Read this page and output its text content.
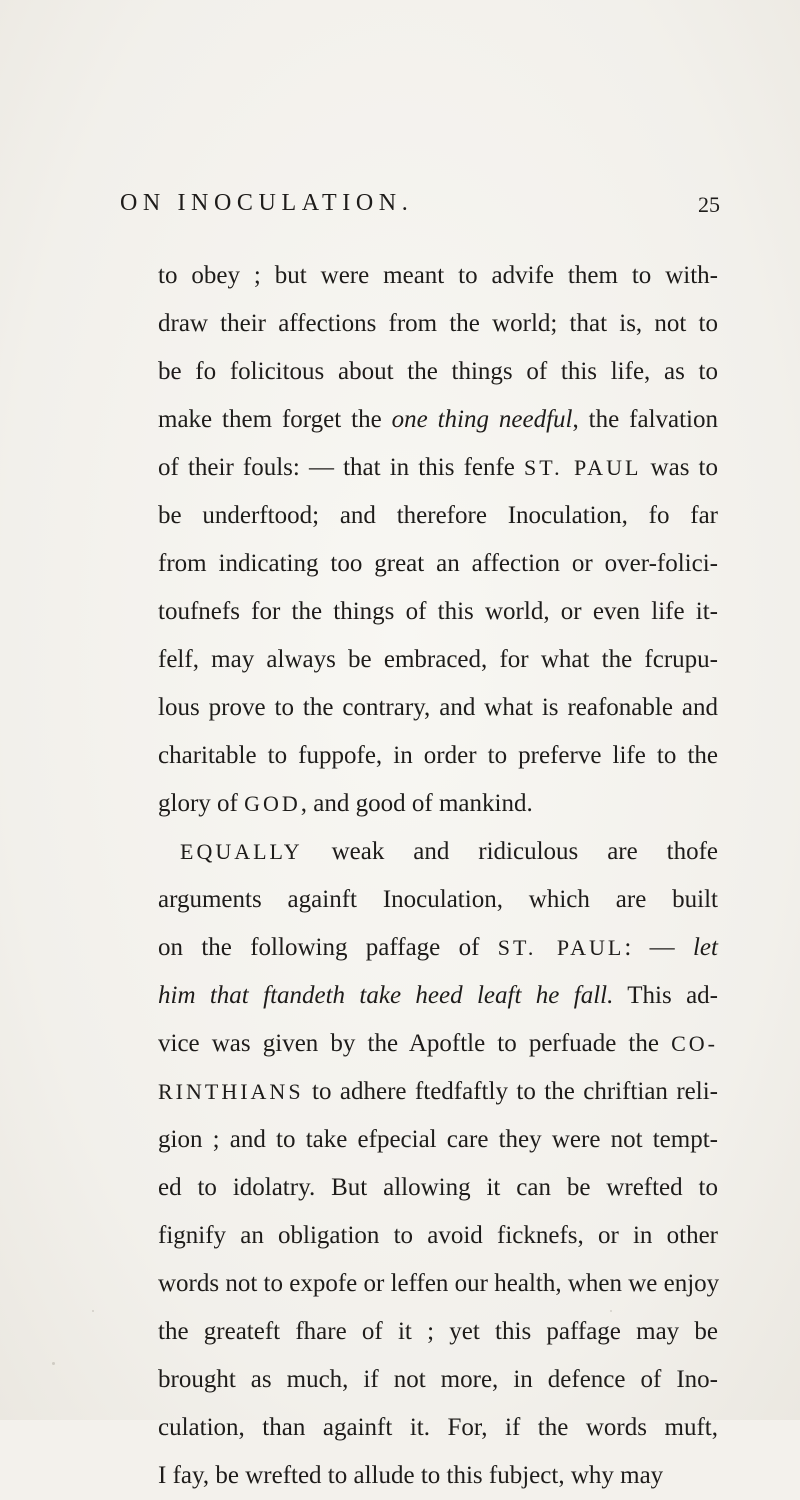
ON INOCULATION.	25
to obey ; but were meant to advife them to with-
draw their affections from the world; that is, not to
be fo folicitous about the things of this life, as to
make them forget the one thing needful, the falvation
of their fouls: — that in this fenfe ST. PAUL was to
be underftood; and therefore Inoculation, fo far
from indicating too great an affection or over-folici-
toufnefs for the things of this world, or even life it-
felf, may always be embraced, for what the fcrupu-
lous prove to the contrary, and what is reafonable and
charitable to fuppofe, in order to preferve life to the
glory of GOD, and good of mankind.
EQUALLY weak and ridiculous are thofe
arguments againft Inoculation, which are built
on the following paffage of ST. PAUL: — let
him that ftandeth take heed leaft he fall. This ad-
vice was given by the Apoftle to perfuade the CO-
RINTHIANS to adhere ftedfaftly to the chriftian reli-
gion ; and to take efpecial care they were not tempt-
ed to idolatry. But allowing it can be wrefted to
fignify an obligation to avoid ficknefs, or in other
words not to expofe or leffen our health, when we enjoy
the greateft fhare of it ; yet this paffage may be
brought as much, if not more, in defence of Ino-
culation, than againft it. For, if the words muft,
I fay, be wrefted to allude to this fubject, why may
